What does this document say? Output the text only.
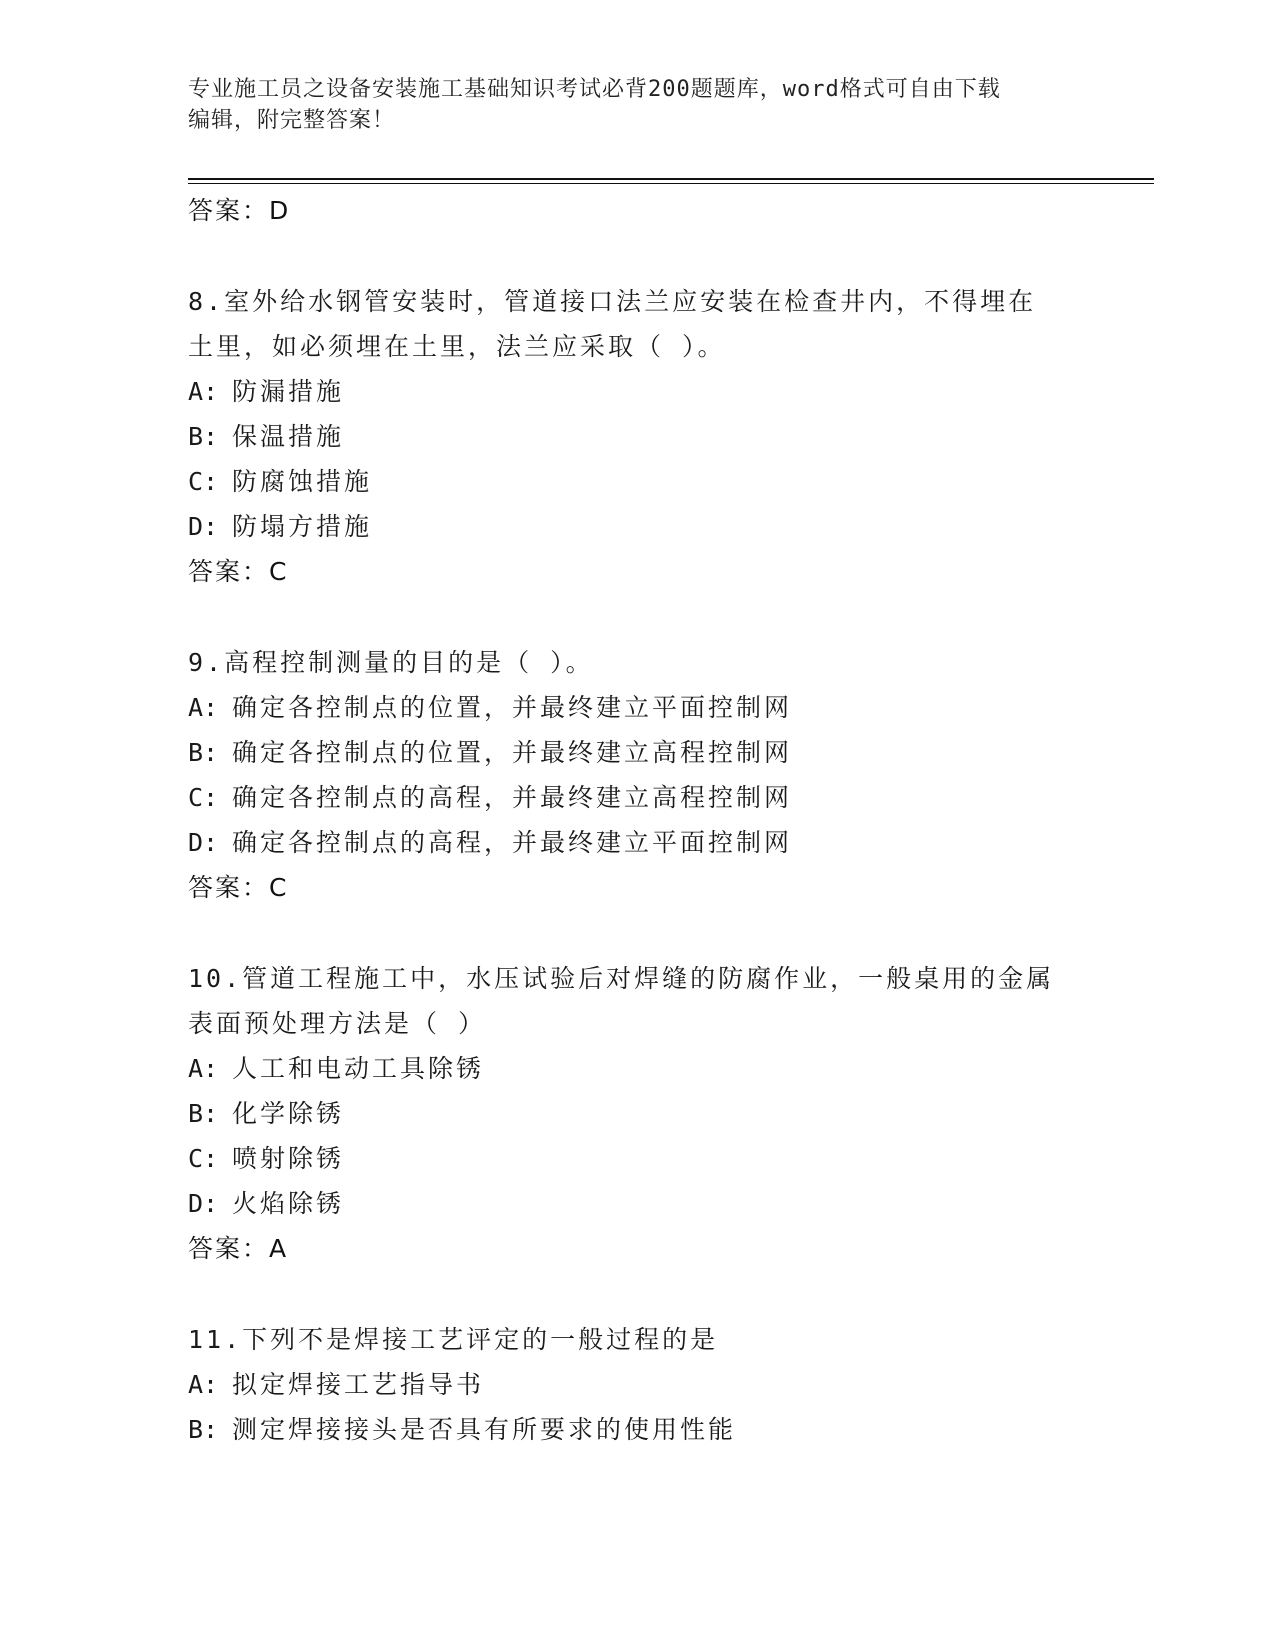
专业施工员之设备安装施工基础知识考试必背200题题库，word格式可自由下载
编辑，附完整答案！
答案：D
8.室外给水钢管安装时，管道接口法兰应安装在检查井内，不得埋在
土里，如必须埋在土里，法兰应采取（ ）。
A: 防漏措施
B: 保温措施
C: 防腐蚀措施
D: 防塌方措施
答案：C
9.高程控制测量的目的是（ ）。
A: 确定各控制点的位置，并最终建立平面控制网
B: 确定各控制点的位置，并最终建立高程控制网
C: 确定各控制点的高程，并最终建立高程控制网
D: 确定各控制点的高程，并最终建立平面控制网
答案：C
10.管道工程施工中，水压试验后对焊缝的防腐作业，一般桌用的金属
表面预处理方法是（ ）
A: 人工和电动工具除锈
B: 化学除锈
C: 喷射除锈
D: 火焰除锈
答案：A
11.下列不是焊接工艺评定的一般过程的是
A: 拟定焊接工艺指导书
B: 测定焊接接头是否具有所要求的使用性能
